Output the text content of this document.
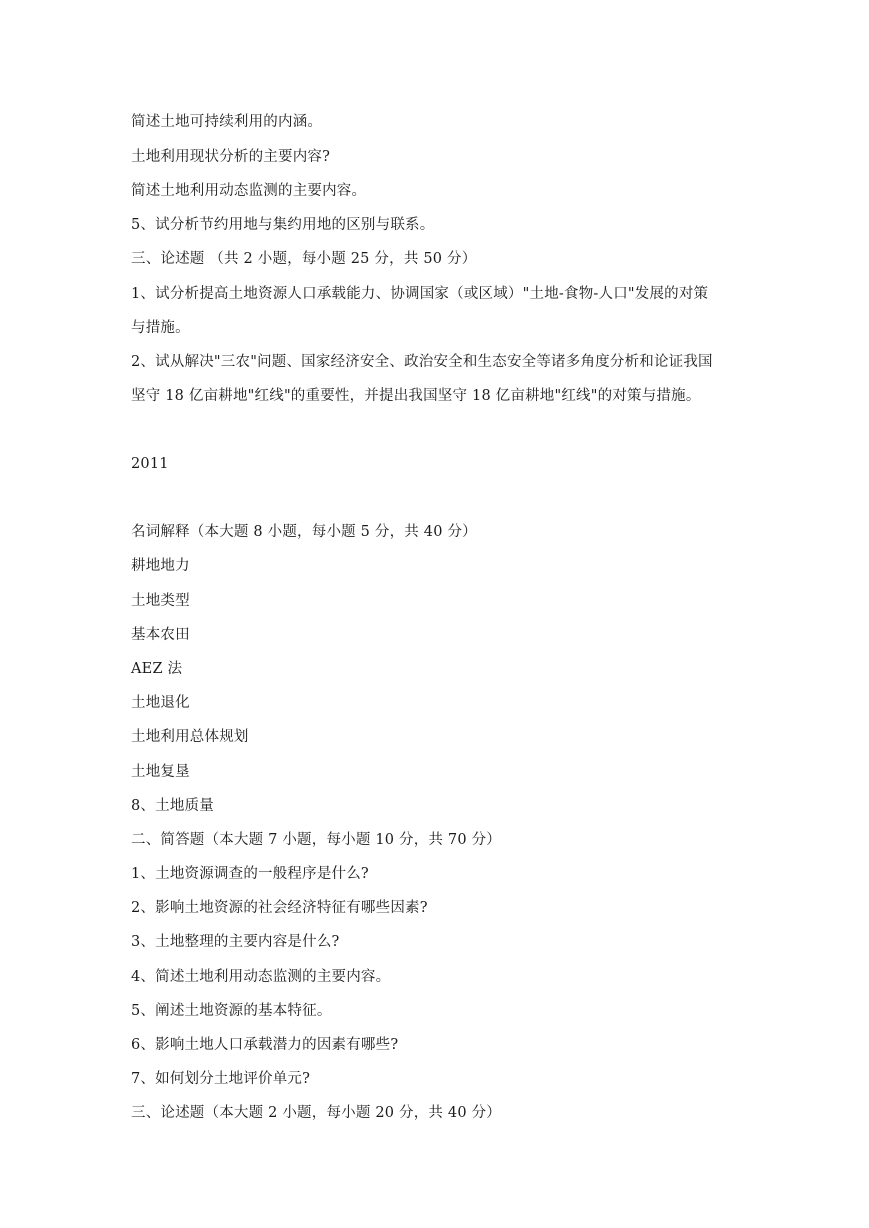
简述土地可持续利用的内涵。
土地利用现状分析的主要内容?
简述土地利用动态监测的主要内容。
5、试分析节约用地与集约用地的区别与联系。
三、论述题 （共 2 小题，每小题 25 分，共 50 分）
1、试分析提高土地资源人口承载能力、协调国家（或区域）"土地-食物-人口"发展的对策
与措施。
2、试从解决"三农"问题、国家经济安全、政治安全和生态安全等诸多角度分析和论证我国
坚守 18 亿亩耕地"红线"的重要性，并提出我国坚守 18 亿亩耕地"红线"的对策与措施。
2011
名词解释（本大题 8 小题，每小题 5 分，共 40 分）
耕地地力
土地类型
基本农田
AEZ 法
土地退化
土地利用总体规划
土地复垦
8、土地质量
二、简答题（本大题 7 小题，每小题 10 分，共 70 分）
1、土地资源调查的一般程序是什么?
2、影响土地资源的社会经济特征有哪些因素?
3、土地整理的主要内容是什么?
4、简述土地利用动态监测的主要内容。
5、阐述土地资源的基本特征。
6、影响土地人口承载潜力的因素有哪些?
7、如何划分土地评价单元?
三、论述题（本大题 2 小题，每小题 20 分，共 40 分）
